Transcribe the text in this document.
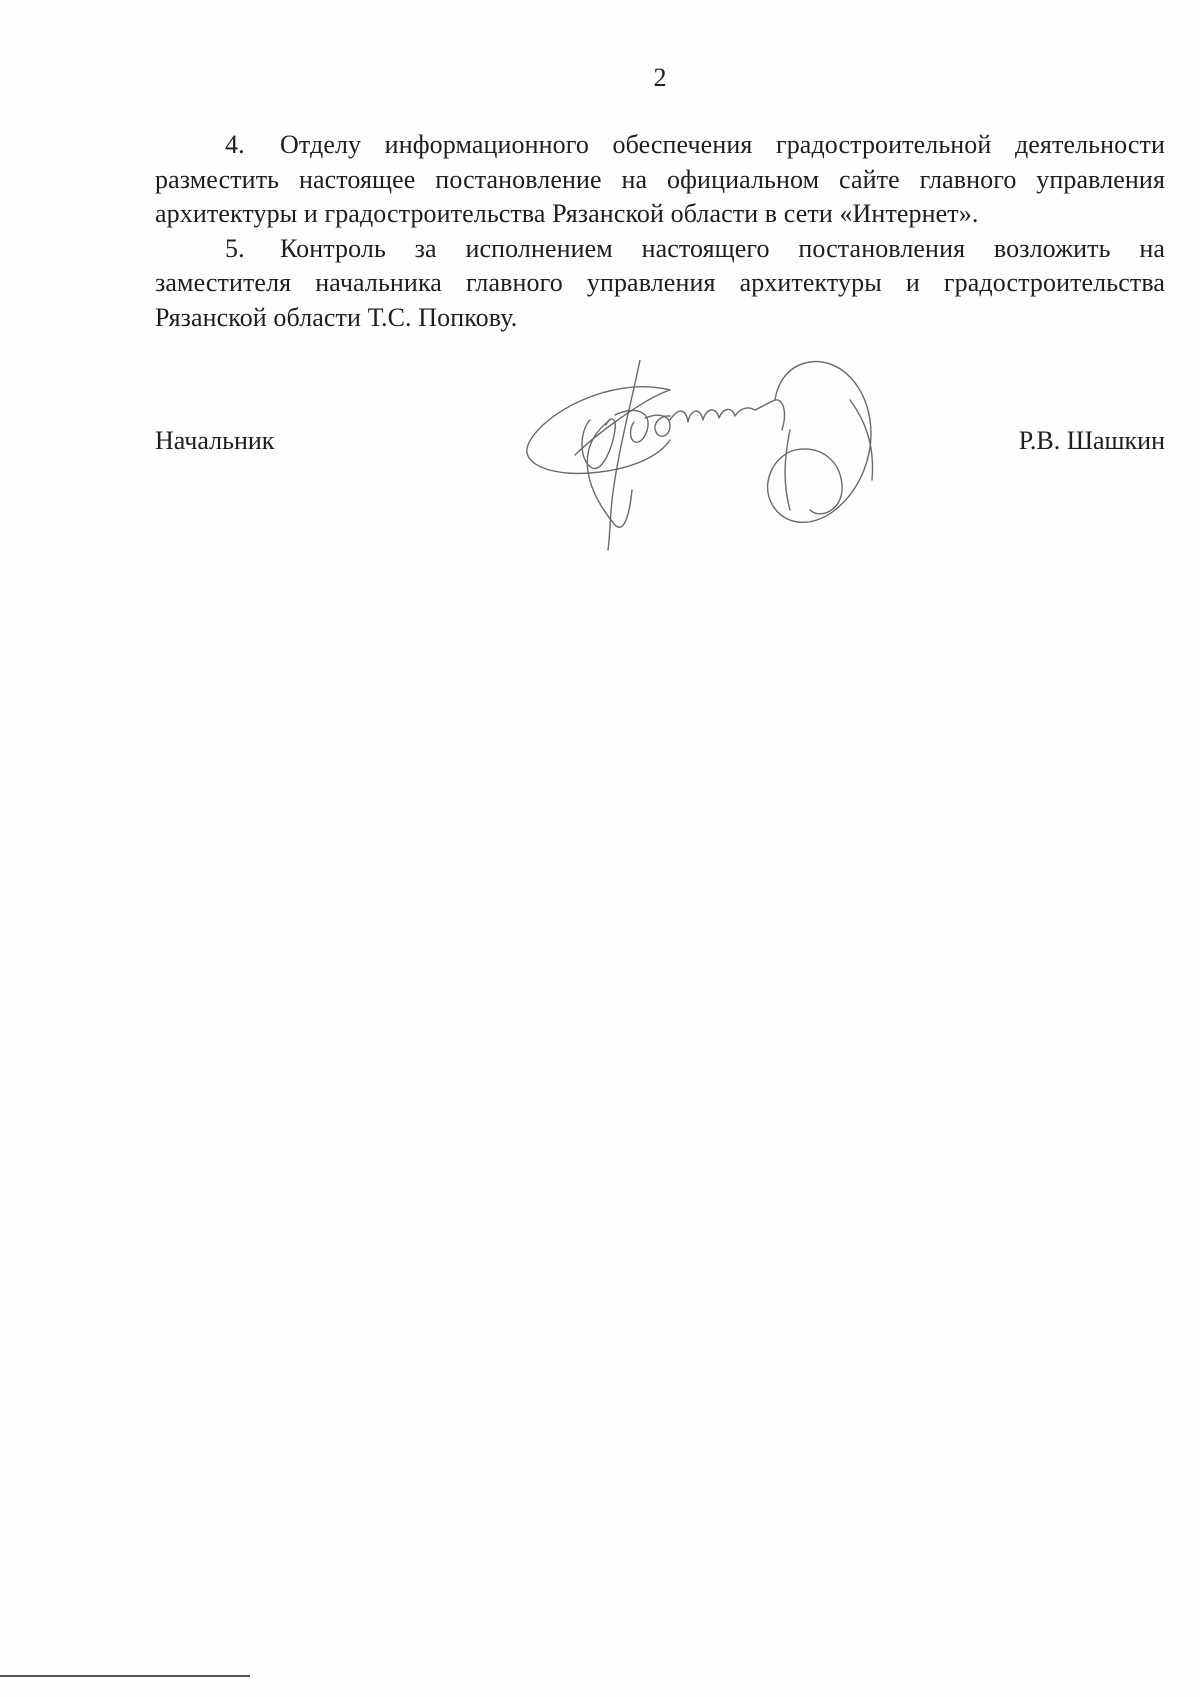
2

4. Отделу информационного обеспечения градостроительной деятельности разместить настоящее постановление на официальном сайте главного управления архитектуры и градостроительства Рязанской области в сети «Интернет».

5. Контроль за исполнением настоящего постановления возложить на заместителя начальника главного управления архитектуры и градостроительства Рязанской области Т.С. Попкову.

Начальник	Р.В. Шашкин
